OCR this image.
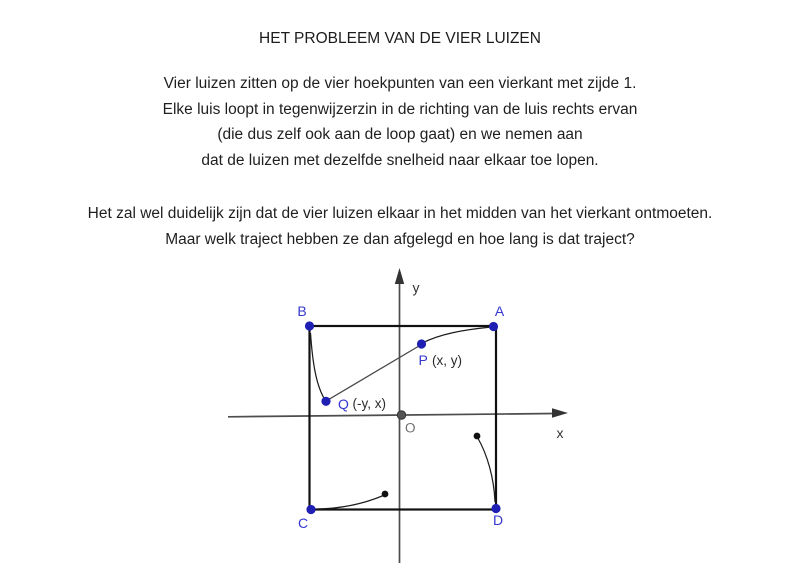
HET PROBLEEM VAN DE VIER LUIZEN
Vier luizen zitten op de vier hoekpunten van een vierkant met zijde 1.
Elke luis loopt in tegenwijzerzin in de richting van de luis rechts ervan
(die dus zelf ook aan de loop gaat) en we nemen aan
dat de luizen met dezelfde snelheid naar elkaar toe lopen.
Het zal wel duidelijk zijn dat de vier luizen elkaar in het midden van het vierkant ontmoeten.
Maar welk traject hebben ze dan afgelegd en hoe lang is dat traject?
B	A
C	D
P (x, y)
Q (-y, x)
O	x
y
